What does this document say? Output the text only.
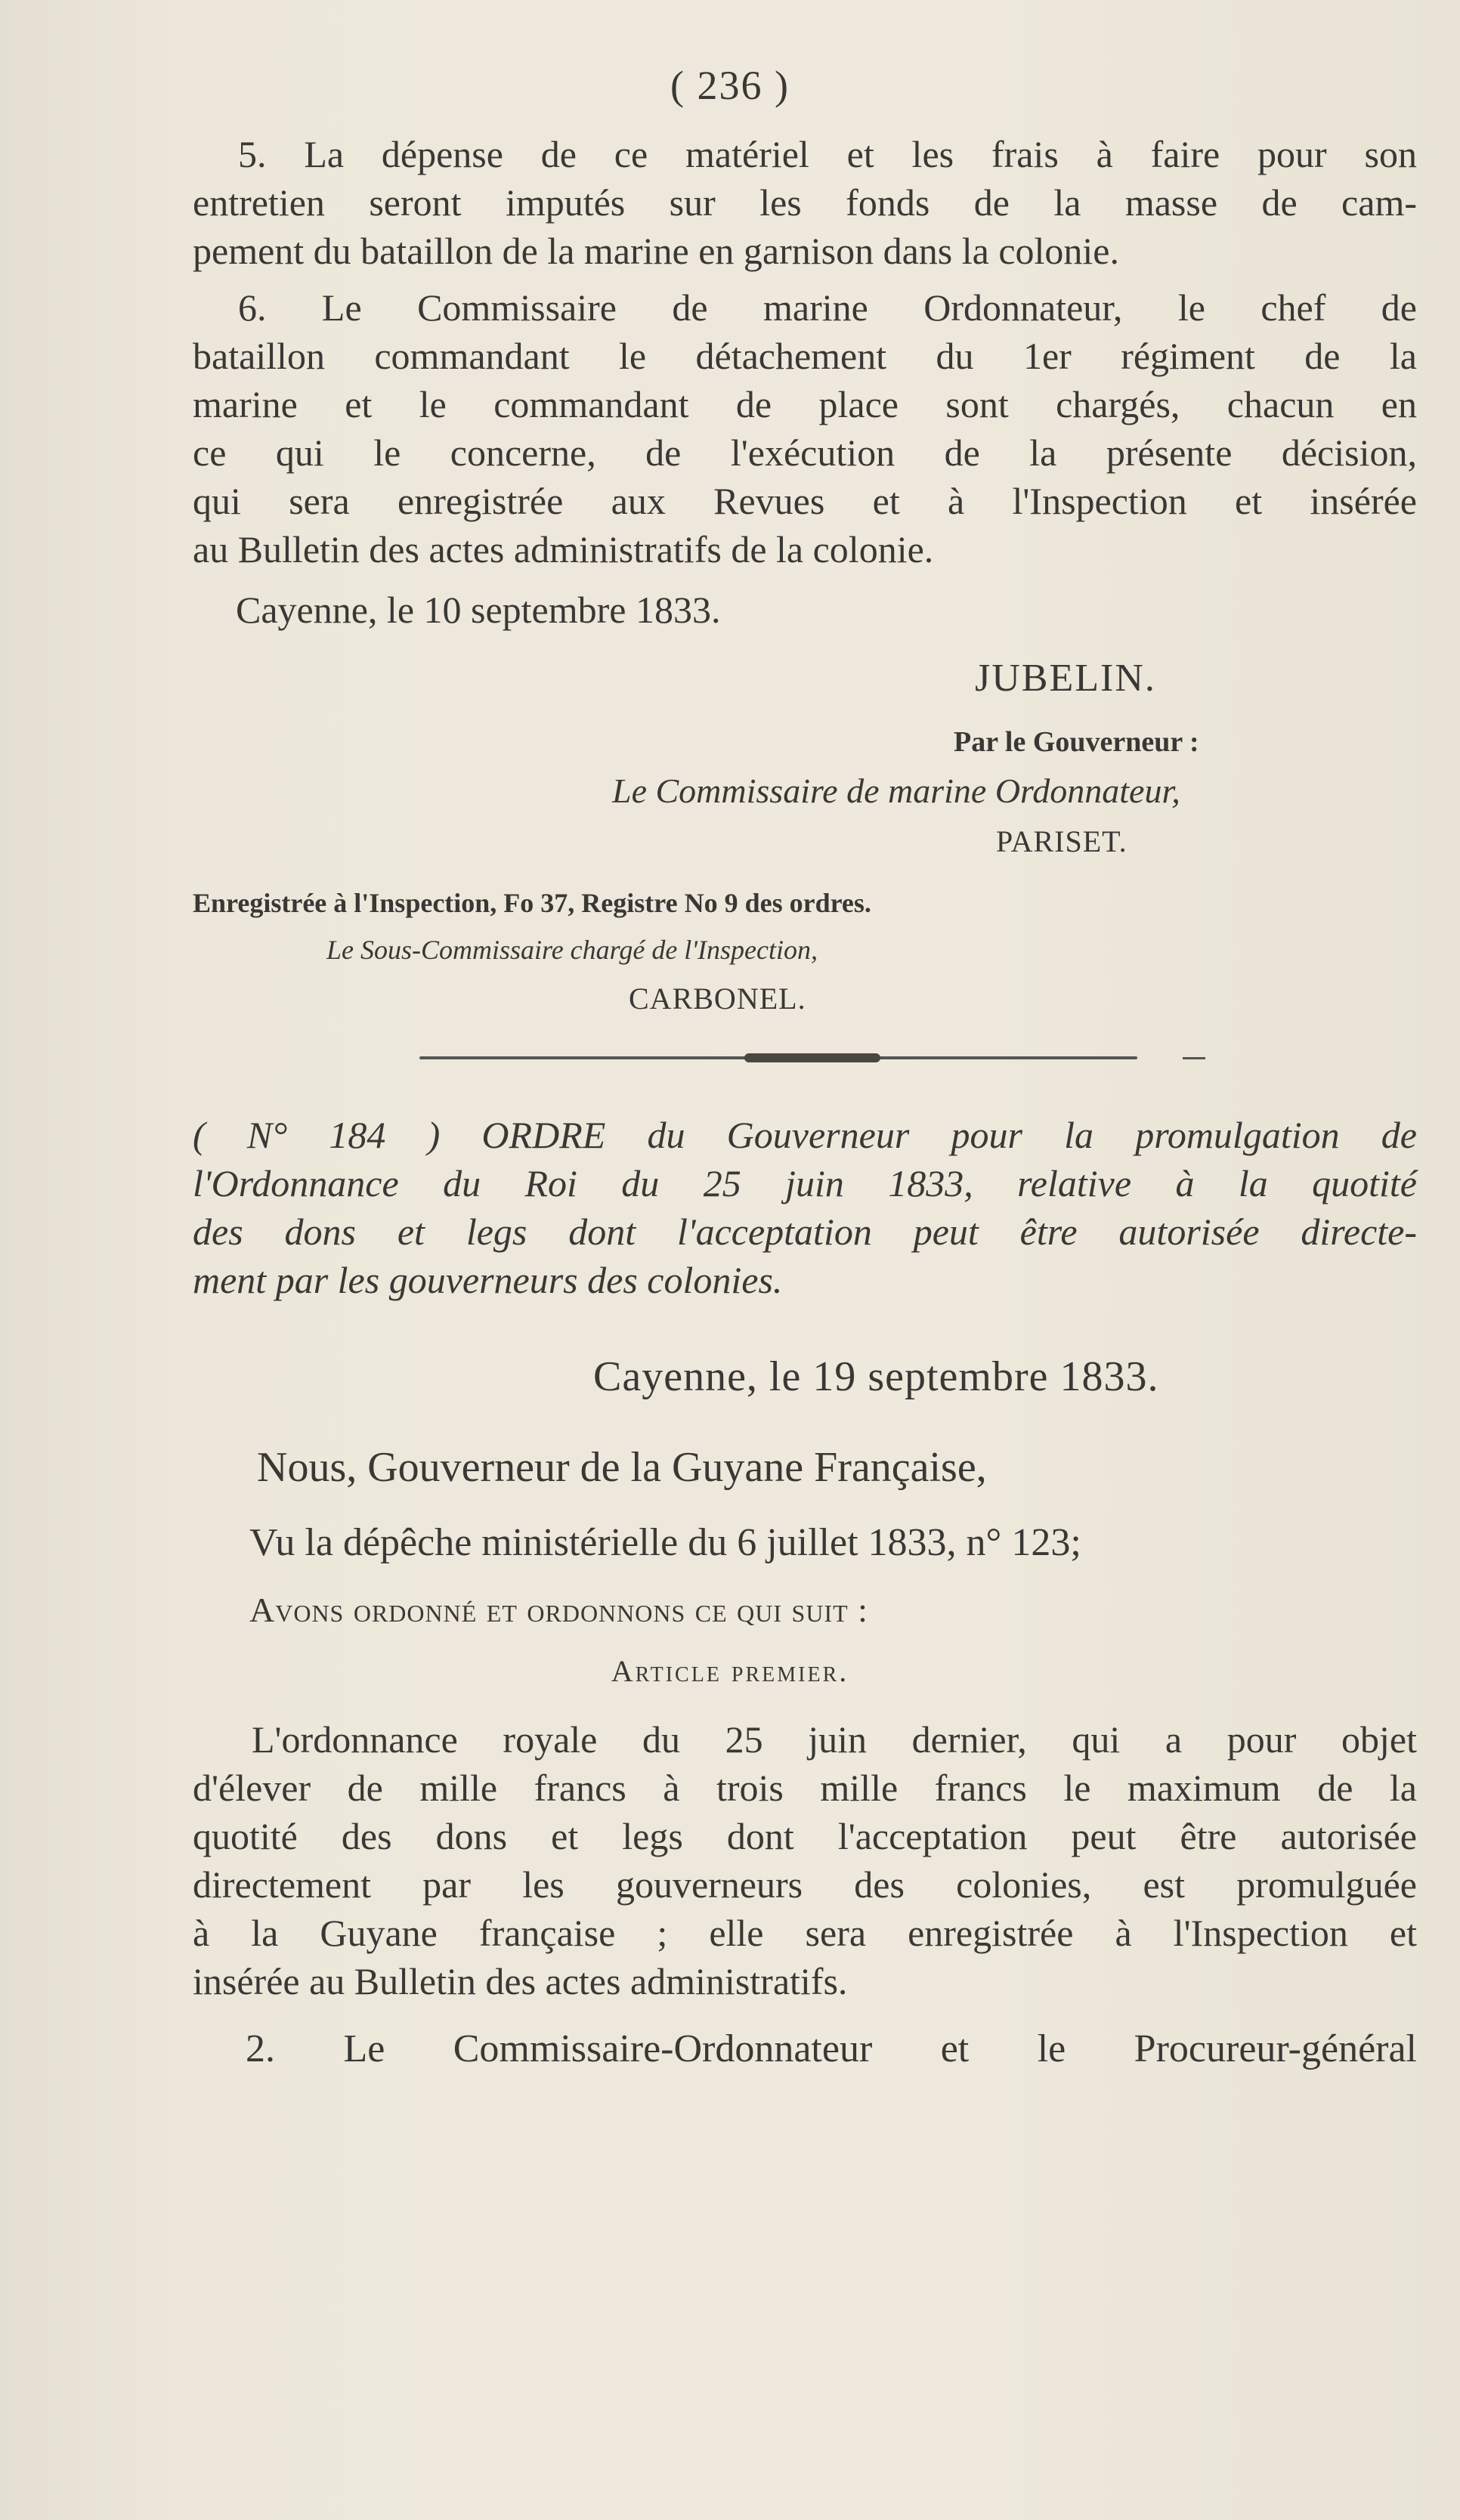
( 236 )

5. La dépense de ce matériel et les frais à faire pour son

entretien seront imputés sur les fonds de la masse de cam-

pement du bataillon de la marine en garnison dans la colonie.

6. Le Commissaire de marine Ordonnateur, le chef de

bataillon commandant le détachement du 1er régiment de la

marine et le commandant de place sont chargés, chacun en

ce qui le concerne, de l'exécution de la présente décision,

qui sera enregistrée aux Revues et à l'Inspection et insérée

au Bulletin des actes administratifs de la colonie.

Cayenne, le 10 septembre 1833.
JUBELIN.
Par le Gouverneur :
Le Commissaire de marine Ordonnateur,
PARISET.
Enregistrée à l'Inspection, Fo 37, Registre No 9 des ordres.
Le Sous-Commissaire chargé de l'Inspection,
CARBONEL.

( N° 184 ) ORDRE du Gouverneur pour la promulgation de

l'Ordonnance du Roi du 25 juin 1833, relative à la quotité

des dons et legs dont l'acceptation peut être autorisée directe-

ment par les gouverneurs des colonies.

Cayenne, le 19 septembre 1833.
Nous, Gouverneur de la Guyane Française,
Vu la dépêche ministérielle du 6 juillet 1833, n° 123;
Avons ordonné et ordonnons ce qui suit :
Article premier.

L'ordonnance royale du 25 juin dernier, qui a pour objet

d'élever de mille francs à trois mille francs le maximum de la

quotité des dons et legs dont l'acceptation peut être autorisée

directement par les gouverneurs des colonies, est promulguée

à la Guyane française ; elle sera enregistrée à l'Inspection et

insérée au Bulletin des actes administratifs.

2. Le Commissaire-Ordonnateur et le Procureur-général
